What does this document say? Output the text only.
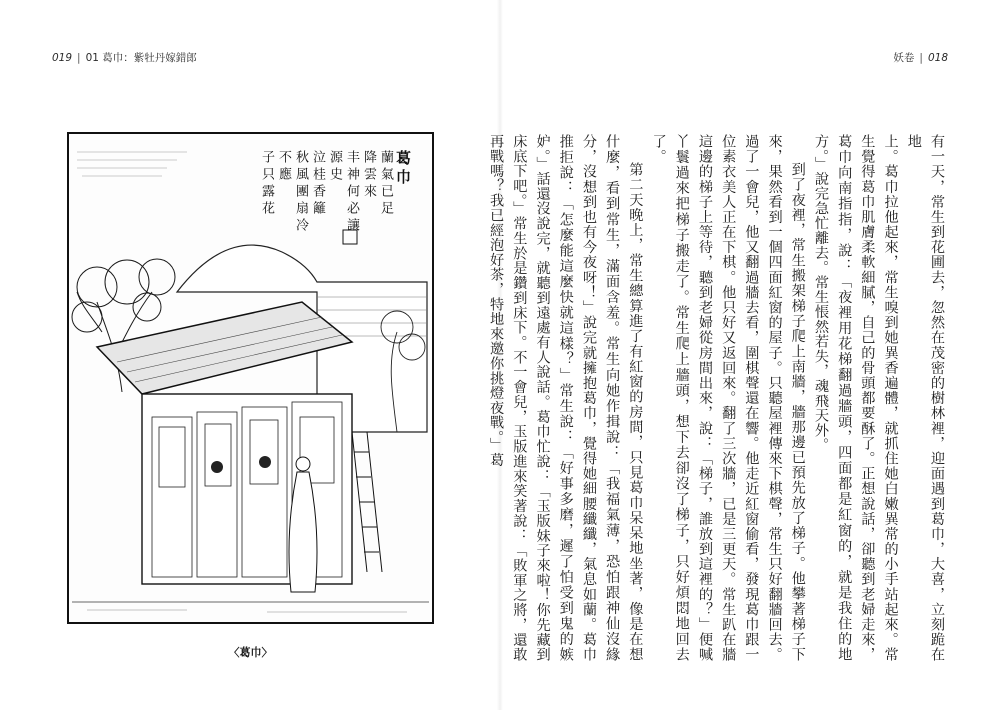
019 | 01 葛巾：紫牡丹嫁錯郎	妖卷 | 018
葛巾
蘭氣已足
降雲來
丰神何必讓
源史
泣桂香籬
秋風團扇冷
不應
子只露花
〈葛巾〉	有一天，常生到花圃去，忽然在茂密的樹林裡，迎面遇到葛巾，大喜，立刻跪在地

上。葛巾拉他起來，常生嗅到她異香遍體，就抓住她白嫩異常的小手站起來。常生覺得葛巾肌膚柔軟細膩，自己的骨頭都要酥了。正想說話，卻聽到老婦走來，葛巾向南指指，說：「夜裡用花梯翻過牆頭，四面都是紅窗的，就是我住的地方。」說完急忙離去。常生悵然若失，魂飛天外。

到了夜裡，常生搬架梯子爬上南牆，牆那邊已預先放了梯子。他攀著梯子下來，果然看到一個四面紅窗的屋子。只聽屋裡傳來下棋聲，常生只好翻牆回去。過了一會兒，他又翻過牆去看，圍棋聲還在響。他走近紅窗偷看，發現葛巾跟一位素衣美人正在下棋。他只好又返回來。翻了三次牆，已是三更天。常生趴在牆這邊的梯子上等待，聽到老婦從房間出來，說：「梯子，誰放到這裡的？」便喊丫鬟過來把梯子搬走了。常生爬上牆頭，想下去卻沒了梯子，只好煩悶地回去了。

第二天晚上，常生總算進了有紅窗的房間，只見葛巾呆呆地坐著，像是在想什麼，看到常生，滿面含羞。常生向她作揖說：「我福氣薄，恐怕跟神仙沒緣分，沒想到也有今夜呀！」說完就擁抱葛巾，覺得她細腰纖纖，氣息如蘭。葛巾推拒說：「怎麼能這麼快就這樣？」常生說：「好事多磨，遲了怕受到鬼的嫉妒。」話還沒說完，就聽到遠處有人說話。葛巾忙說：「玉版妹子來啦！你先藏到床底下吧。」常生於是鑽到床下。不一會兒，玉版進來笑著說：「敗軍之將，還敢再戰嗎？我已經泡好茶，特地來邀你挑燈夜戰。」葛
